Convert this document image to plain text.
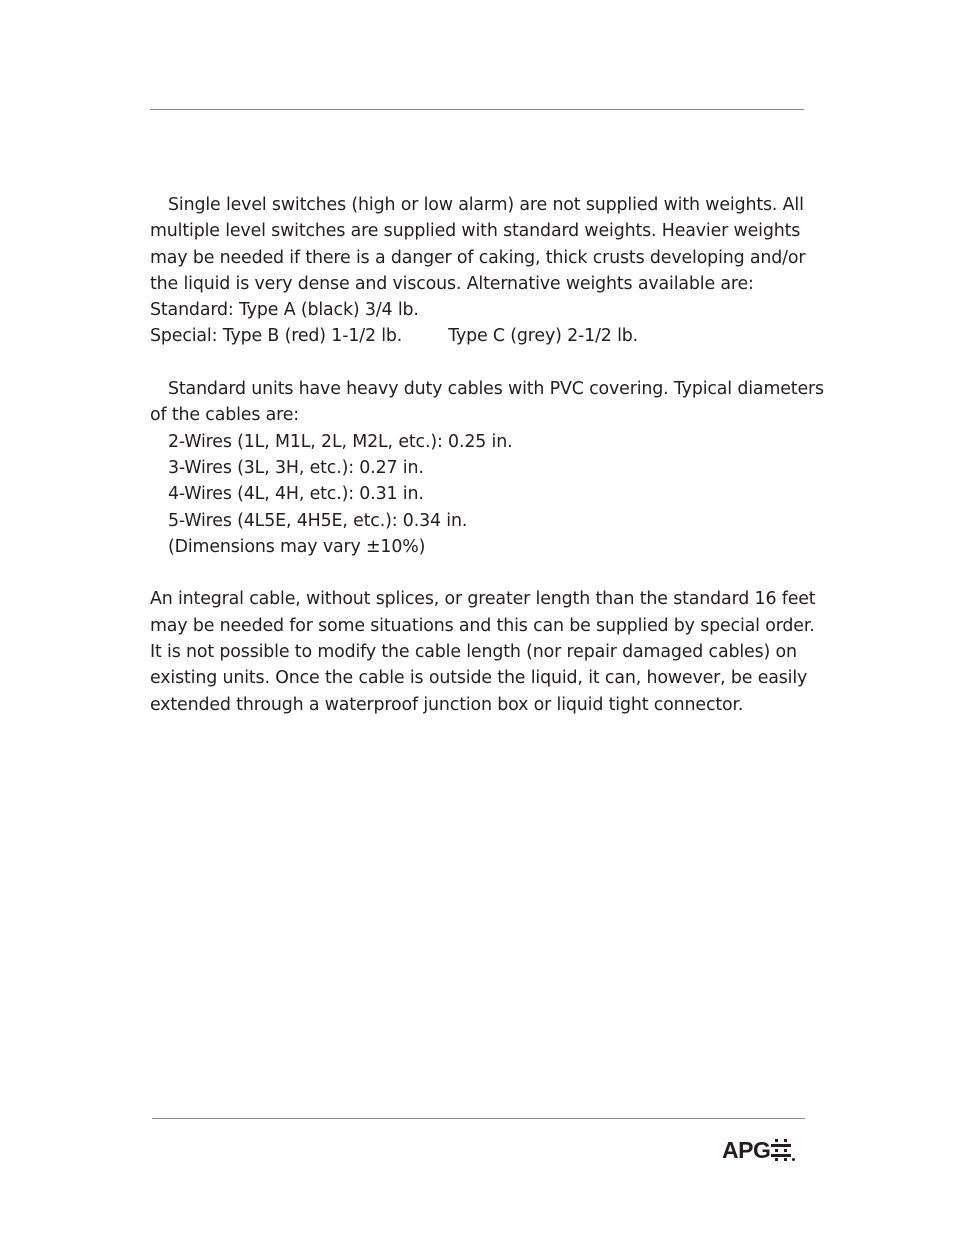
Single level switches (high or low alarm) are not supplied with weights. All

multiple level switches are supplied with standard weights. Heavier weights

may be needed if there is a danger of caking, thick crusts developing and/or

the liquid is very dense and viscous. Alternative weights available are:

Standard: Type A (black) 3/4 lb.

Special: Type B (red) 1-1/2 lb.	Type C (grey) 2-1/2 lb.

Standard units have heavy duty cables with PVC covering. Typical diameters

of the cables are:

2-Wires (1L, M1L, 2L, M2L, etc.): 0.25 in.

3-Wires (3L, 3H, etc.): 0.27 in.

4-Wires (4L, 4H, etc.): 0.31 in.

5-Wires (4L5E, 4H5E, etc.): 0.34 in.

(Dimensions may vary ±10%)

An integral cable, without splices, or greater length than the standard 16 feet

may be needed for some situations and this can be supplied by special order.

It is not possible to modify the cable length (nor repair damaged cables) on

existing units. Once the cable is outside the liquid, it can, however, be easily

extended through a waterproof junction box or liquid tight connector.

APG
